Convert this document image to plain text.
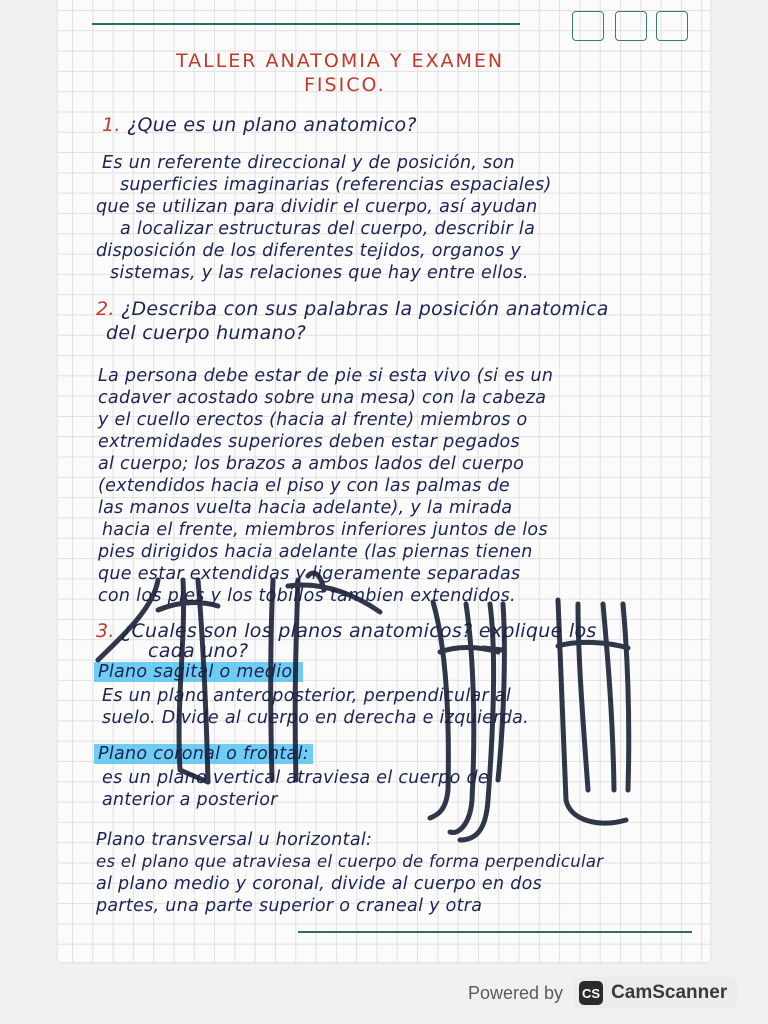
TALLER ANATOMIA Y EXAMEN
FISICO.
1. ¿Que es un plano anatomico?
Es un referente direccional y de posición, son
superficies imaginarias (referencias espaciales)
que se utilizan para dividir el cuerpo, así ayudan
a localizar estructuras del cuerpo, describir la
disposición de los diferentes tejidos, organos y
sistemas, y las relaciones que hay entre ellos.
2. ¿Describa con sus palabras la posición anatomica
del cuerpo humano?
La persona debe estar de pie si esta vivo (si es un
cadaver acostado sobre una mesa) con la cabeza
y el cuello erectos (hacia al frente) miembros o
extremidades superiores deben estar pegados
al cuerpo; los brazos a ambos lados del cuerpo
(extendidos hacia el piso y con las palmas de
las manos vuelta hacia adelante), y la mirada
hacia el frente, miembros inferiores juntos de los
pies dirigidos hacia adelante (las piernas tienen
que estar extendidas y ligeramente separadas
con los pies y los tobillos tambien extendidos.
3. ¿Cuales son los planos anatomicos? explique los
cada uno?
Plano sagital o medio:
Es un plano anteroposterior, perpendicular al
suelo. Divide al cuerpo en derecha e izquierda.
Plano coronal o frontal:
es un plano vertical atraviesa el cuerpo de
anterior a posterior
Plano transversal u horizontal:
es el plano que atraviesa el cuerpo de forma perpendicular
al plano medio y coronal, divide al cuerpo en dos
partes, una parte superior o craneal y otra
Powered by CS CamScanner
